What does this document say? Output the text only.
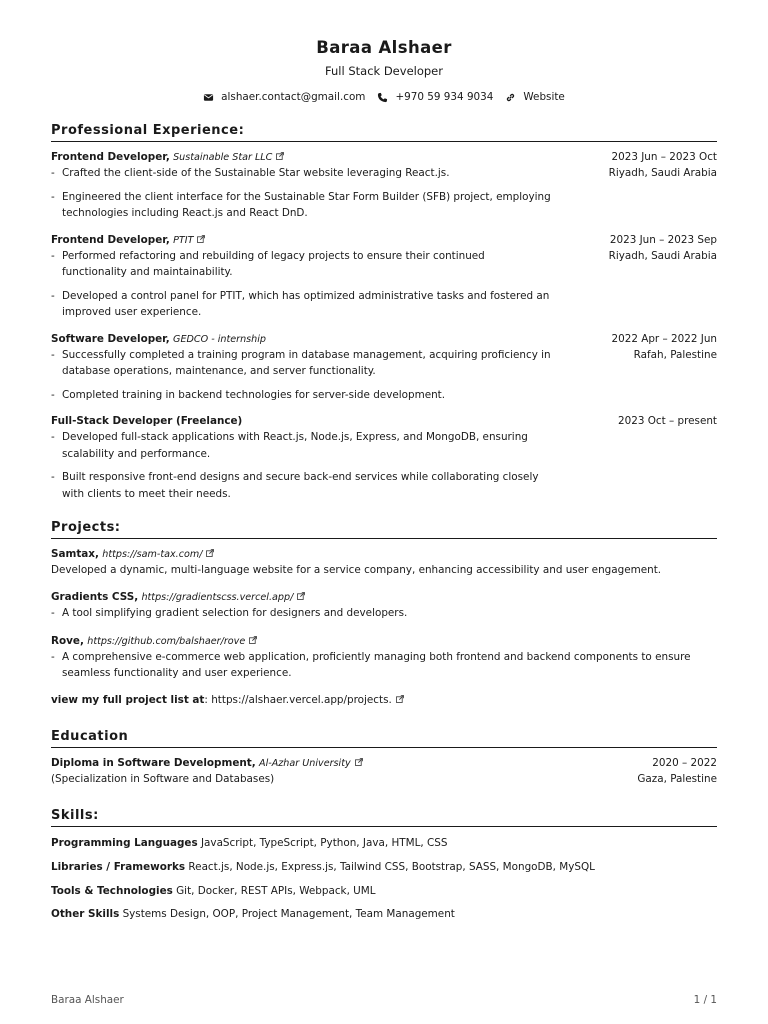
Baraa Alshaer
Full Stack Developer
alshaer.contact@gmail.com	+970 59 934 9034	Website
Professional Experience:
Frontend Developer, Sustainable Star LLC	2023 Jun – 2023 Oct
Riyadh, Saudi Arabia
- Crafted the client-side of the Sustainable Star website leveraging React.js.
- Engineered the client interface for the Sustainable Star Form Builder (SFB) project, employing technologies including React.js and React DnD.
Frontend Developer, PTIT	2023 Jun – 2023 Sep
Riyadh, Saudi Arabia
- Performed refactoring and rebuilding of legacy projects to ensure their continued functionality and maintainability.
- Developed a control panel for PTIT, which has optimized administrative tasks and fostered an improved user experience.
Software Developer, GEDCO - internship	2022 Apr – 2022 Jun
Rafah, Palestine
- Successfully completed a training program in database management, acquiring proficiency in database operations, maintenance, and server functionality.
- Completed training in backend technologies for server-side development.
Full-Stack Developer (Freelance)	2023 Oct – present
- Developed full-stack applications with React.js, Node.js, Express, and MongoDB, ensuring scalability and performance.
- Built responsive front-end designs and secure back-end services while collaborating closely with clients to meet their needs.
Projects:
Samtax, https://sam-tax.com/
Developed a dynamic, multi-language website for a service company, enhancing accessibility and user engagement.
Gradients CSS, https://gradientscss.vercel.app/
- A tool simplifying gradient selection for designers and developers.
Rove, https://github.com/balshaer/rove
- A comprehensive e-commerce web application, proficiently managing both frontend and backend components to ensure seamless functionality and user experience.
view my full project list at: https://alshaer.vercel.app/projects.
Education
Diploma in Software Development, Al-Azhar University	2020 – 2022
Gaza, Palestine
(Specialization in Software and Databases)
Skills:
Programming Languages JavaScript, TypeScript, Python, Java, HTML, CSS
Libraries / Frameworks React.js, Node.js, Express.js, Tailwind CSS, Bootstrap, SASS, MongoDB, MySQL
Tools & Technologies Git, Docker, REST APIs, Webpack, UML
Other Skills Systems Design, OOP, Project Management, Team Management
Baraa Alshaer	1 / 1
